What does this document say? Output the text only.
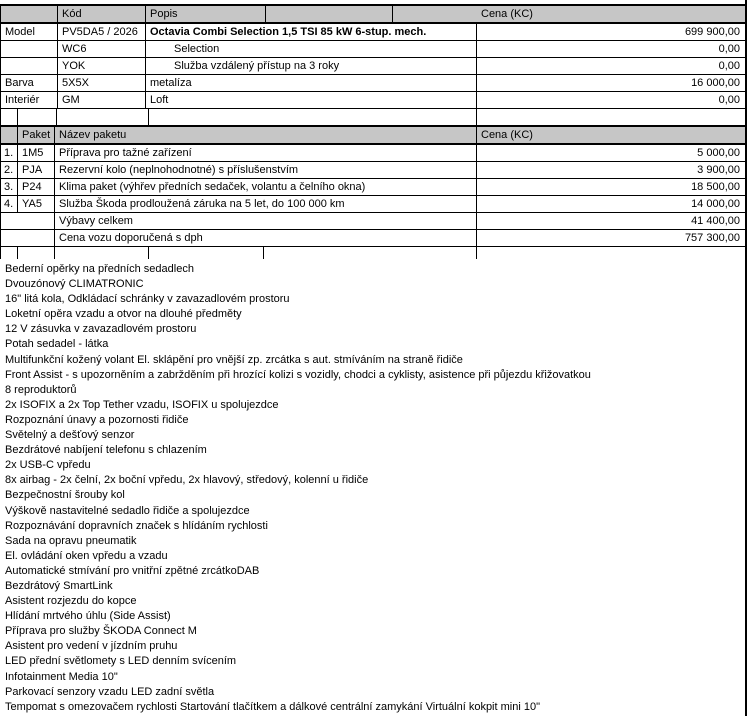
Kód	Popis	Cena (KC)
Model	PV5DA5 / 2026	Octavia Combi Selection 1,5 TSI 85 kW 6-stup. mech.	699 900,00
WC6	Selection	0,00
YOK	Služba vzdálený přístup na 3 roky	0,00
Barva	5X5X	metalíza	16 000,00
Interiér	GM	Loft	0,00
Paket Název paketu	Cena (KC)
1. 1M5	Příprava pro tažné zařízení	5 000,00
2. PJA	Rezervní kolo (neplnohodnotné) s příslušenstvím	3 900,00
3. P24	Klima paket (výhřev předních sedaček, volantu a čelního okna)	18 500,00
4. YA5	Služba Škoda prodloužená záruka na 5 let, do 100 000 km	14 000,00
Výbavy celkem	41 400,00
Cena vozu doporučená s dph	757 300,00
Bederní opěrky na předních sedadlech
Dvouzónový CLIMATRONIC
16" litá kola, Odkládací schránky v zavazadlovém prostoru
Loketní opěra vzadu a otvor na dlouhé předměty
12 V zásuvka v zavazadlovém prostoru
Potah sedadel - látka
Multifunkční kožený volant El. sklápění pro vnější zp. zrcátka s aut. stmíváním na straně řidiče
Front Assist - s upozorněním a zabržděním při hrozící kolizi s vozidly, chodci a cyklisty, asistence při půjezdu křižovatkou
8 reproduktorů
2x ISOFIX a 2x Top Tether vzadu, ISOFIX u spolujezdce
Rozpoznání únavy a pozornosti řidiče
Světelný a dešťový senzor
Bezdrátové nabíjení telefonu s chlazením
2x USB-C vpředu
8x airbag - 2x čelní, 2x boční vpředu, 2x hlavový, středový, kolenní u řidiče
Bezpečnostní šrouby kol
Výškově nastavitelné sedadlo řidiče a spolujezdce
Rozpoznávání dopravních značek s hlídáním rychlosti
Sada na opravu pneumatik
El. ovládání oken vpředu a vzadu
Automatické stmívání pro vnitřní zpětné zrcátkoDAB
Bezdrátový SmartLink
Asistent rozjezdu do kopce
Hlídání mrtvého úhlu (Side Assist)
Příprava pro služby ŠKODA Connect M
Asistent pro vedení v jízdním pruhu
LED přední světlomety s LED denním svícením
Infotainment Media 10"
Parkovací senzory vzadu LED zadní světla
Tempomat s omezovačem rychlosti Startování tlačítkem a dálkové centrální zamykání Virtuální kokpit mini 10"
